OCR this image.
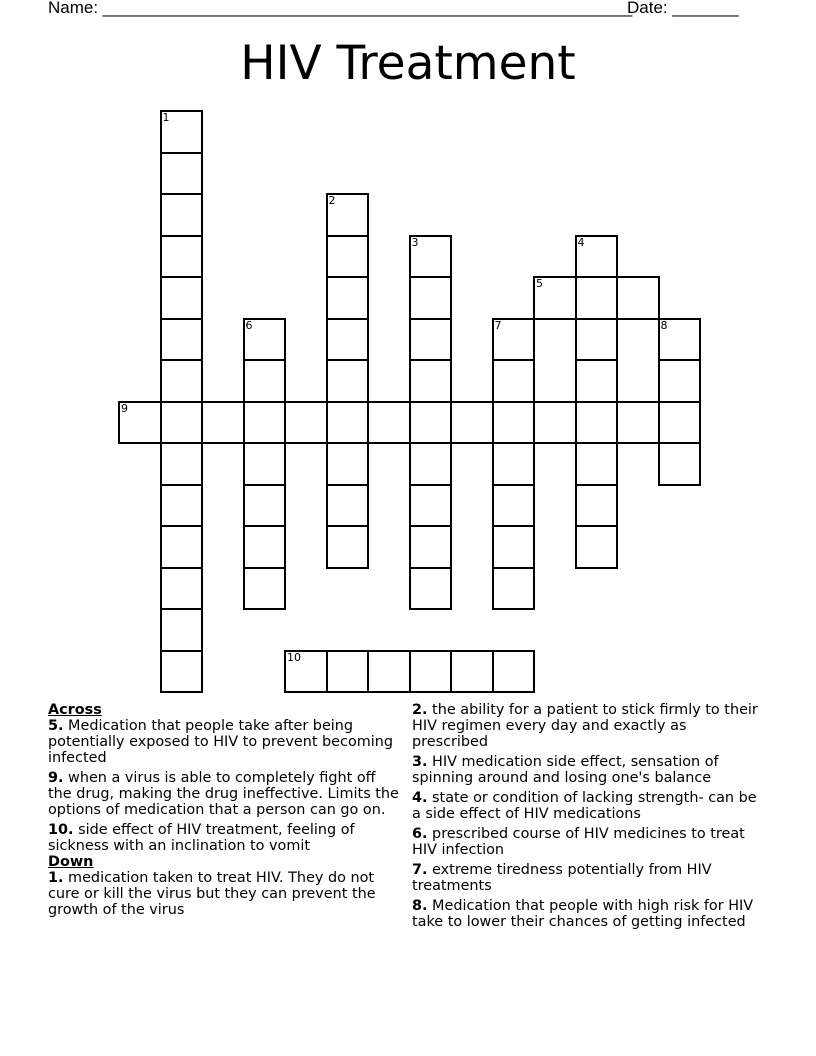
Name: ________________________________________________________
Date: _______
HIV Treatment
1
2
3	4
5
6	7	8
9
10
Across
5. Medication that people take after being potentially exposed to HIV to prevent becoming infected
9. when a virus is able to completely fight off the drug, making the drug ineffective. Limits the options of medication that a person can go on.
10. side effect of HIV treatment, feeling of sickness with an inclination to vomit
Down
1. medication taken to treat HIV. They do not cure or kill the virus but they can prevent the growth of the virus
2. the ability for a patient to stick firmly to their HIV regimen every day and exactly as prescribed
3. HIV medication side effect, sensation of spinning around and losing one's balance
4. state or condition of lacking strength- can be a side effect of HIV medications
6. prescribed course of HIV medicines to treat HIV infection
7. extreme tiredness potentially from HIV treatments
8. Medication that people with high risk for HIV take to lower their chances of getting infected
